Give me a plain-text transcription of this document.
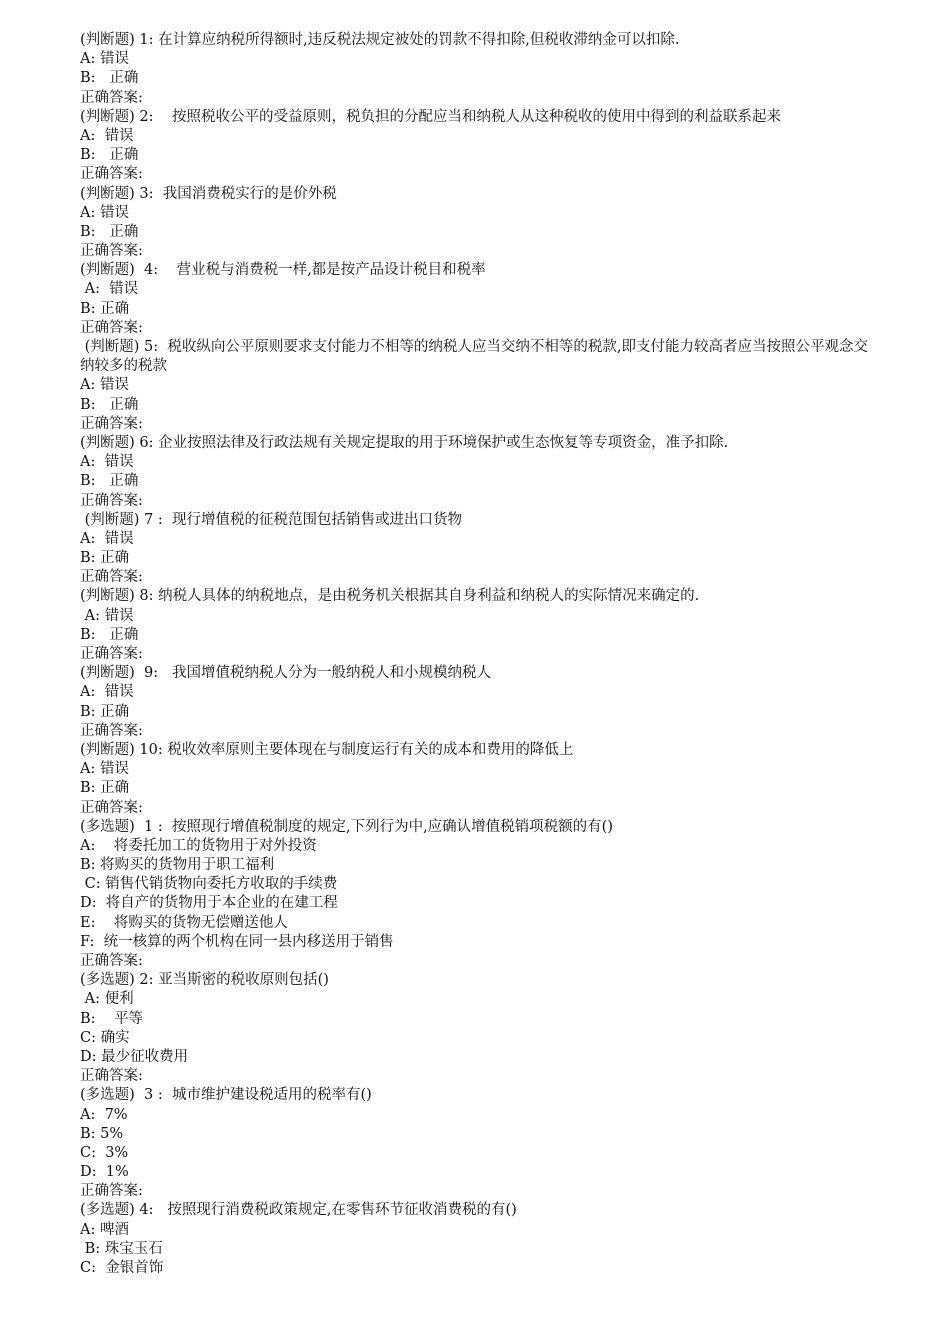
(判断题) 1: 在计算应纳税所得额时,违反税法规定被处的罚款不得扣除,但税收滞纳金可以扣除.
A: 错误
B:   正确
正确答案:
(判断题) 2:    按照税收公平的受益原则，税负担的分配应当和纳税人从这种税收的使用中得到的利益联系起来
A:  错误
B:   正确
正确答案:
(判断题) 3:  我国消费税实行的是价外税
A: 错误
B:   正确
正确答案:
(判断题)  4:    营业税与消费税一样,都是按产品设计税目和税率
A:  错误
B: 正确
正确答案:
(判断题) 5:  税收纵向公平原则要求支付能力不相等的纳税人应当交纳不相等的税款,即支付能力较高者应当按照公平观念交纳较多的税款
A: 错误
B:   正确
正确答案:
(判断题) 6: 企业按照法律及行政法规有关规定提取的用于环境保护或生态恢复等专项资金，准予扣除.
A:  错误
B:   正确
正确答案:
(判断题) 7 :  现行增值税的征税范围包括销售或进出口货物
A:  错误
B: 正确
正确答案:
(判断题) 8: 纳税人具体的纳税地点，是由税务机关根据其自身利益和纳税人的实际情况来确定的.
A: 错误
B:   正确
正确答案:
(判断题)  9:   我国增值税纳税人分为一般纳税人和小规模纳税人
A:  错误
B: 正确
正确答案:
(判断题) 10: 税收效率原则主要体现在与制度运行有关的成本和费用的降低上
A: 错误
B: 正确
正确答案:
(多选题)  1 :  按照现行增值税制度的规定,下列行为中,应确认增值税销项税额的有()
A:    将委托加工的货物用于对外投资
B: 将购买的货物用于职工福利
C: 销售代销货物向委托方收取的手续费
D:  将自产的货物用于本企业的在建工程
E:    将购买的货物无偿赠送他人
F:  统一核算的两个机构在同一县内移送用于销售
正确答案:
(多选题) 2: 亚当斯密的税收原则包括()
A: 便利
B:    平等
C: 确实
D: 最少征收费用
正确答案:
(多选题)  3 :  城市维护建设税适用的税率有()
A:  7%
B: 5%
C:  3%
D:  1%
正确答案:
(多选题) 4:   按照现行消费税政策规定,在零售环节征收消费税的有()
A: 啤酒
B: 珠宝玉石
C:  金银首饰
